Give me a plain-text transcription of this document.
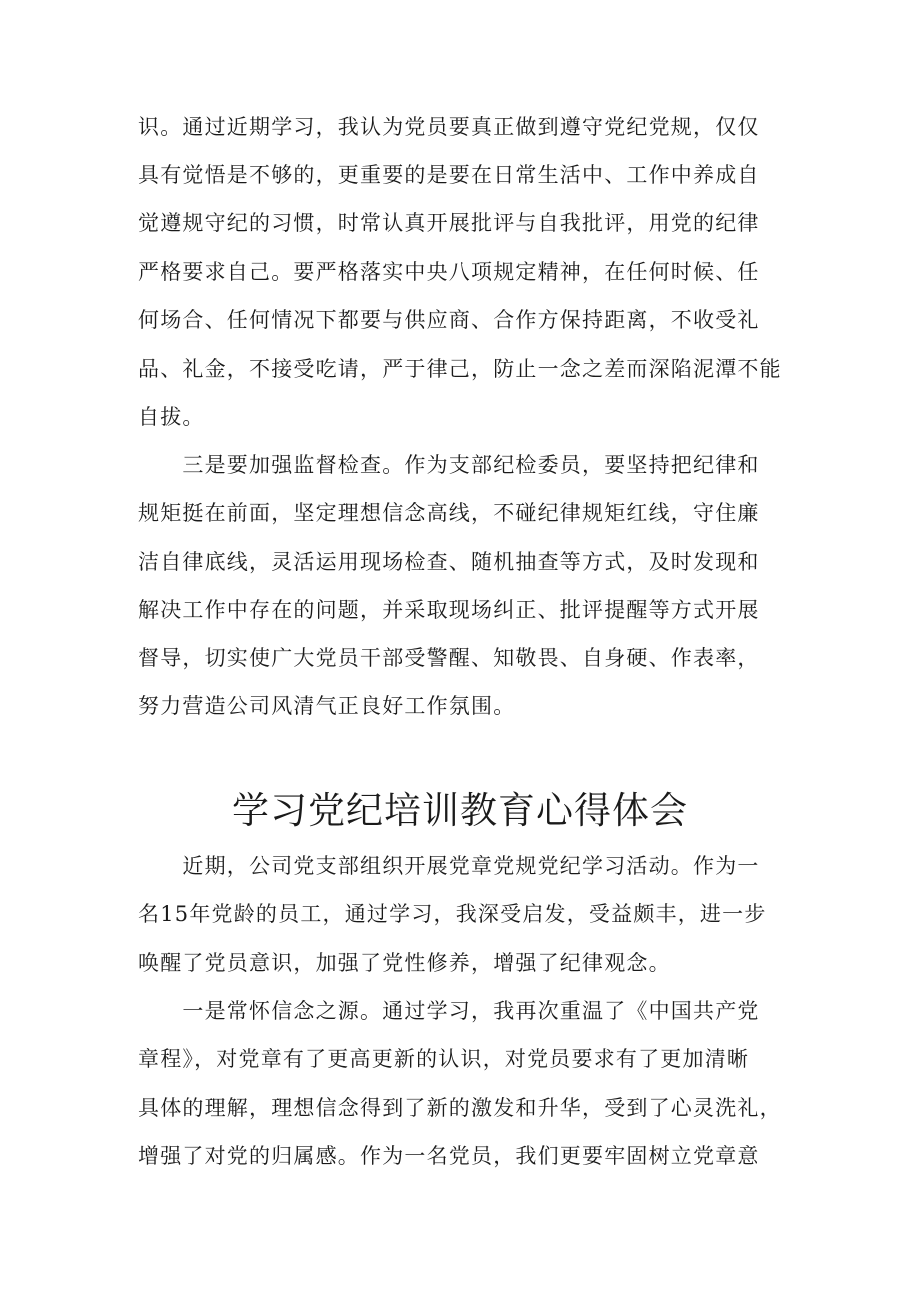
识。通过近期学习，我认为党员要真正做到遵守党纪党规，仅仅
具有觉悟是不够的，更重要的是要在日常生活中、工作中养成自
觉遵规守纪的习惯，时常认真开展批评与自我批评，用党的纪律
严格要求自己。要严格落实中央八项规定精神，在任何时候、任
何场合、任何情况下都要与供应商、合作方保持距离，不收受礼
品、礼金，不接受吃请，严于律己，防止一念之差而深陷泥潭不能
自拔。
　　三是要加强监督检查。作为支部纪检委员，要坚持把纪律和
规矩挺在前面，坚定理想信念高线，不碰纪律规矩红线，守住廉
洁自律底线，灵活运用现场检查、随机抽查等方式，及时发现和
解决工作中存在的问题，并采取现场纠正、批评提醒等方式开展
督导，切实使广大党员干部受警醒、知敬畏、自身硬、作表率，
努力营造公司风清气正良好工作氛围。
学习党纪培训教育心得体会
　　近期，公司党支部组织开展党章党规党纪学习活动。作为一
名15年党龄的员工，通过学习，我深受启发，受益颇丰，进一步
唤醒了党员意识，加强了党性修养，增强了纪律观念。
　　一是常怀信念之源。通过学习，我再次重温了《中国共产党
章程》，对党章有了更高更新的认识，对党员要求有了更加清晰
具体的理解，理想信念得到了新的激发和升华，受到了心灵洗礼，
增强了对党的归属感。作为一名党员，我们更要牢固树立党章意
